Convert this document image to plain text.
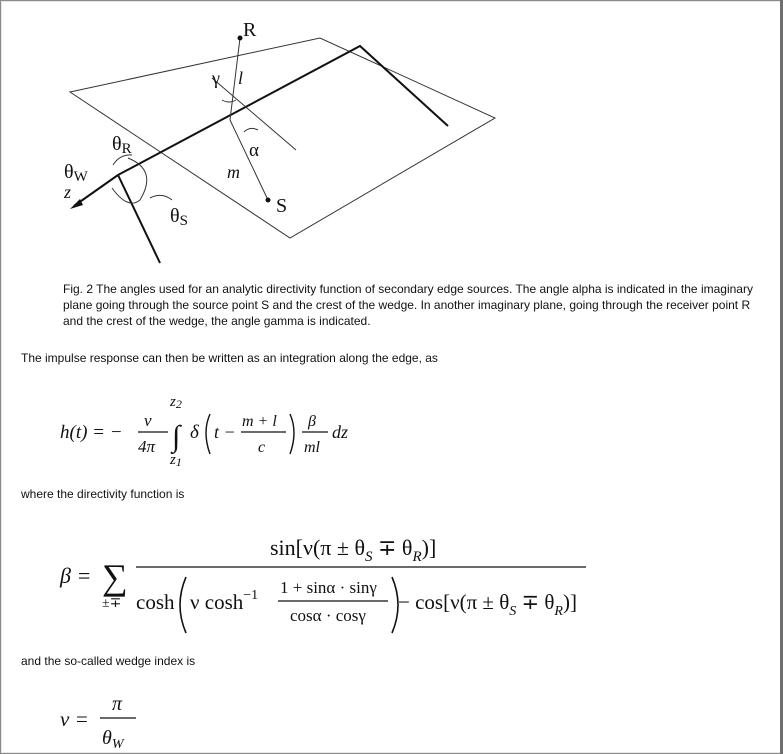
R
γ l
α
m
S
θR
θW
z
θS
Fig. 2 The angles used for an analytic directivity function of secondary edge sources. The angle alpha is indicated in the imaginary plane going through the source point S and the crest of the wedge. In another imaginary plane, going through the receiver point R and the crest of the wedge, the angle gamma is indicated.
The impulse response can then be written as an integration along the edge, as
where the directivity function is
and the so-called wedge index is
h(t) = −
ν
4π
z2
∫
z1
δ t −
m + l
c
β
ml
dz
β = ∑
±∓
$\sin[\nu(\pi \pm \theta_S \mp \theta_R)]$
cosh ν $\cosh^{-1} 1 + \sin\alpha \cdot \sin\gamma$
cosα · cosγ
− $\cos[\nu(\pi \pm \theta_S \mp \theta_R)]$
ν =
π
$\theta_W$
